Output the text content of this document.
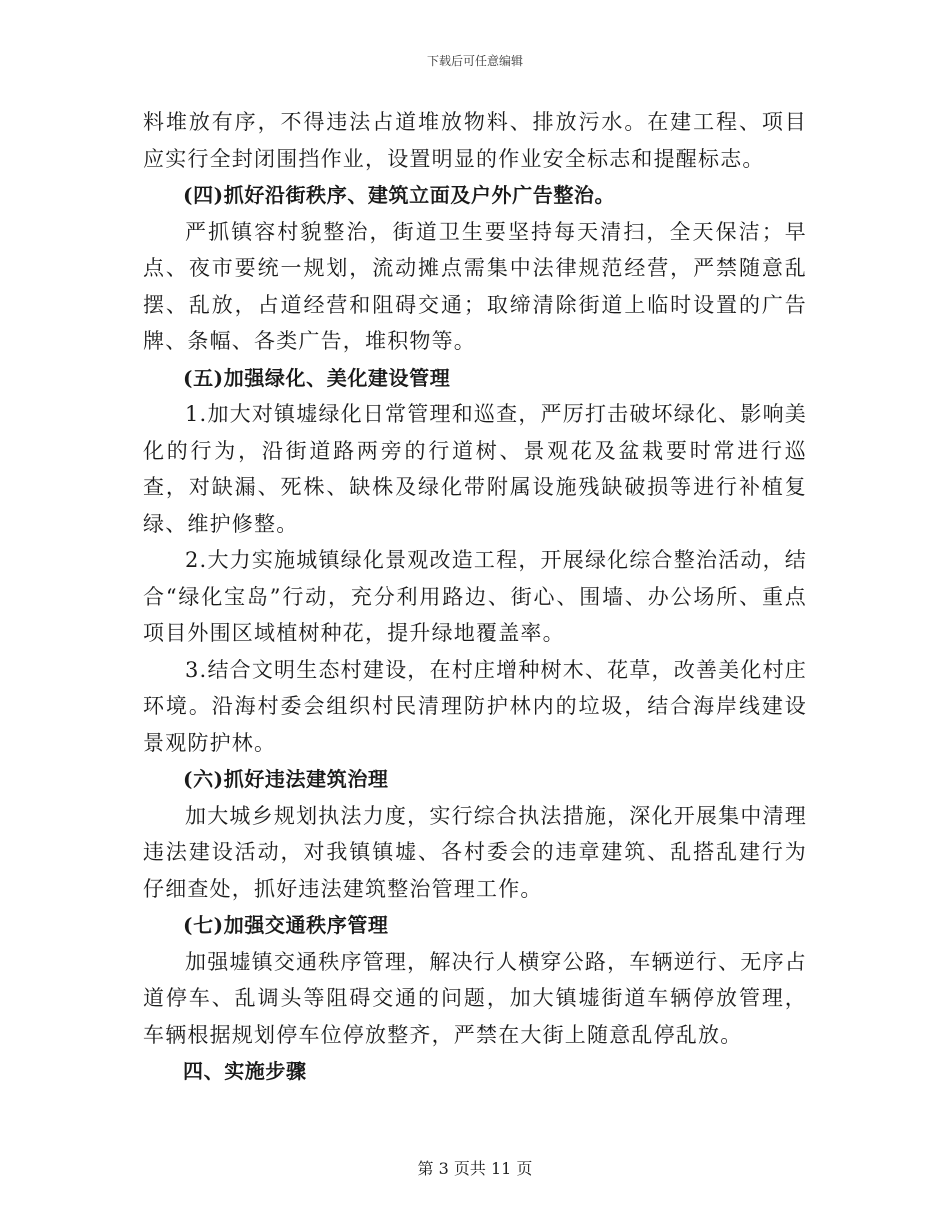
下载后可任意编辑

料堆放有序，不得违法占道堆放物料、排放污水。在建工程、项目应实行全封闭围挡作业，设置明显的作业安全标志和提醒标志。

(四)抓好沿街秩序、建筑立面及户外广告整治。

严抓镇容村貌整治，街道卫生要坚持每天清扫，全天保洁；早点、夜市要统一规划，流动摊点需集中法律规范经营，严禁随意乱摆、乱放，占道经营和阻碍交通；取缔清除街道上临时设置的广告牌、条幅、各类广告，堆积物等。

(五)加强绿化、美化建设管理

1.加大对镇墟绿化日常管理和巡查，严厉打击破坏绿化、影响美化的行为，沿街道路两旁的行道树、景观花及盆栽要时常进行巡查，对缺漏、死株、缺株及绿化带附属设施残缺破损等进行补植复绿、维护修整。

2.大力实施城镇绿化景观改造工程，开展绿化综合整治活动，结合“绿化宝岛”行动，充分利用路边、街心、围墙、办公场所、重点项目外围区域植树种花，提升绿地覆盖率。

3.结合文明生态村建设，在村庄增种树木、花草，改善美化村庄环境。沿海村委会组织村民清理防护林内的垃圾，结合海岸线建设景观防护林。

(六)抓好违法建筑治理

加大城乡规划执法力度，实行综合执法措施，深化开展集中清理违法建设活动，对我镇镇墟、各村委会的违章建筑、乱搭乱建行为仔细查处，抓好违法建筑整治管理工作。

(七)加强交通秩序管理

加强墟镇交通秩序管理，解决行人横穿公路，车辆逆行、无序占道停车、乱调头等阻碍交通的问题，加大镇墟街道车辆停放管理，车辆根据规划停车位停放整齐，严禁在大街上随意乱停乱放。

四、实施步骤

第 3 页共 11 页
